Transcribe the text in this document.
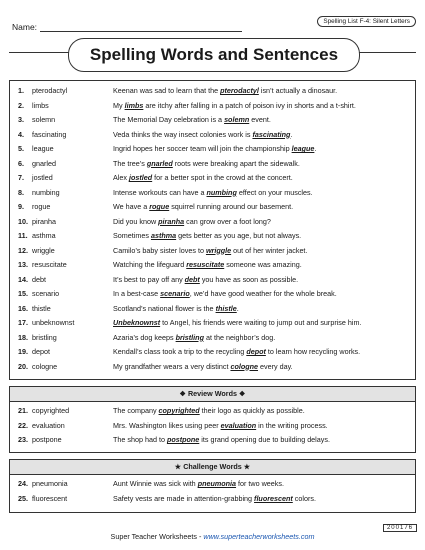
Name:
Spelling List F-4: Silent Letters
Spelling Words and Sentences
1. pterodactyl	Keenan was sad to learn that the pterodactyl isn’t actually a dinosaur.
2. limbs	My limbs are itchy after falling in a patch of poison ivy in shorts and a t-shirt.
3. solemn	The Memorial Day celebration is a solemn event.
4. fascinating	Veda thinks the way insect colonies work is fascinating.
5. league	Ingrid hopes her soccer team will join the championship league.
6. gnarled	The tree’s gnarled roots were breaking apart the sidewalk.
7. jostled	Alex jostled for a better spot in the crowd at the concert.
8. numbing	Intense workouts can have a numbing effect on your muscles.
9. rogue	We have a rogue squirrel running around our basement.
10. piranha	Did you know piranha can grow over a foot long?
11. asthma	Sometimes asthma gets better as you age, but not always.
12. wriggle	Camilo’s baby sister loves to wriggle out of her winter jacket.
13. resuscitate	Watching the lifeguard resuscitate someone was amazing.
14. debt	It’s best to pay off any debt you have as soon as possible.
15. scenario	In a best-case scenario, we’d have good weather for the whole break.
16. thistle	Scotland’s national flower is the thistle.
17. unbeknownst	Unbeknownst to Angel, his friends were waiting to jump out and surprise him.
18. bristling	Azaria’s dog keeps bristling at the neighbor’s dog.
19. depot	Kendall’s class took a trip to the recycling depot to learn how recycling works.
20. cologne	My grandfather wears a very distinct cologne every day.
❖ Review Words ❖
21. copyrighted	The company copyrighted their logo as quickly as possible.
22. evaluation	Mrs. Washington likes using peer evaluation in the writing process.
23. postpone	The shop had to postpone its grand opening due to building delays.
★ Challenge Words ★
24. pneumonia	Aunt Winnie was sick with pneumonia for two weeks.
25. fluorescent	Safety vests are made in attention-grabbing fluorescent colors.
Super Teacher Worksheets - www.superteacherworksheets.com
200176
